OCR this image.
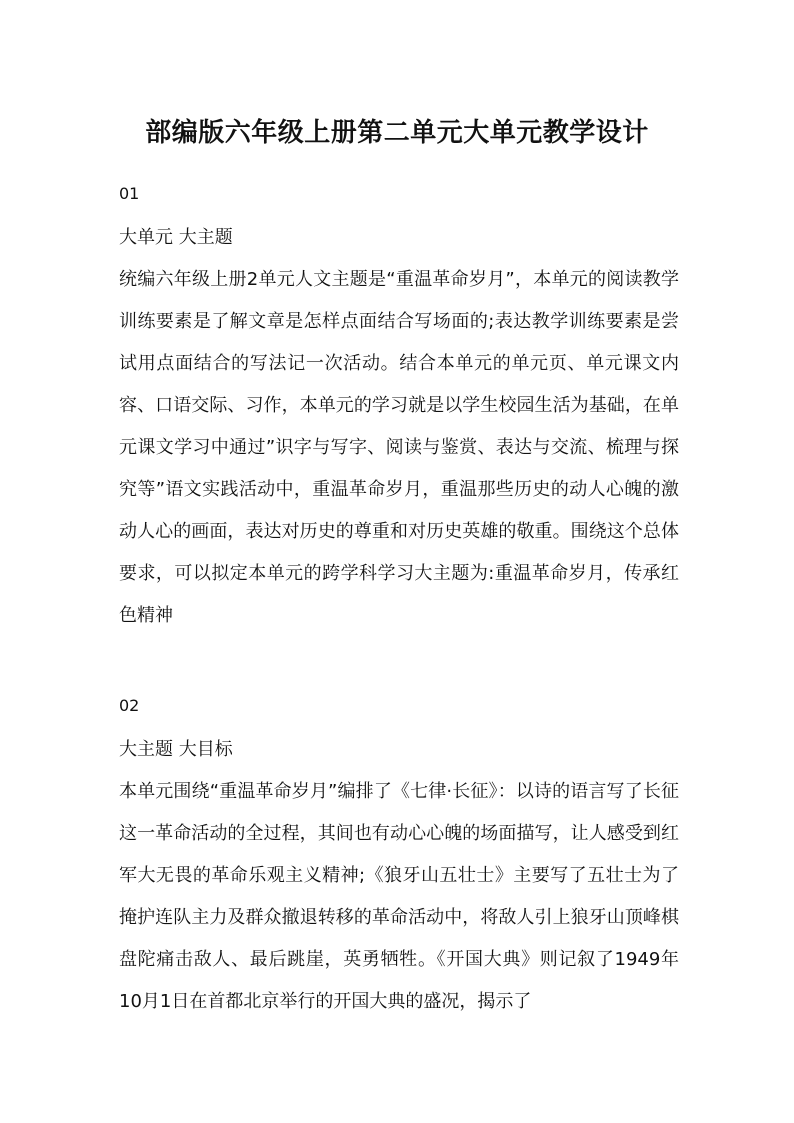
部编版六年级上册第二单元大单元教学设计
01
大单元 大主题
统编六年级上册2单元人文主题是“重温革命岁月”，本单元的阅读教学训练要素是了解文章是怎样点面结合写场面的;表达教学训练要素是尝试用点面结合的写法记一次活动。结合本单元的单元页、单元课文内容、口语交际、习作，本单元的学习就是以学生校园生活为基础，在单元课文学习中通过”识字与写字、阅读与鉴赏、表达与交流、梳理与探究等”语文实践活动中，重温革命岁月，重温那些历史的动人心魄的激动人心的画面，表达对历史的尊重和对历史英雄的敬重。围绕这个总体要求，可以拟定本单元的跨学科学习大主题为:重温革命岁月，传承红色精神
02
大主题 大目标
本单元围绕“重温革命岁月”编排了《七律·长征》：以诗的语言写了长征这一革命活动的全过程，其间也有动心心魄的场面描写，让人感受到红军大无畏的革命乐观主义精神;《狼牙山五壮士》主要写了五壮士为了掩护连队主力及群众撤退转移的革命活动中，将敌人引上狼牙山顶峰棋盘陀痛击敌人、最后跳崖，英勇牺牲。《开国大典》则记叙了1949年10月1日在首都北京举行的开国大典的盛况，揭示了
